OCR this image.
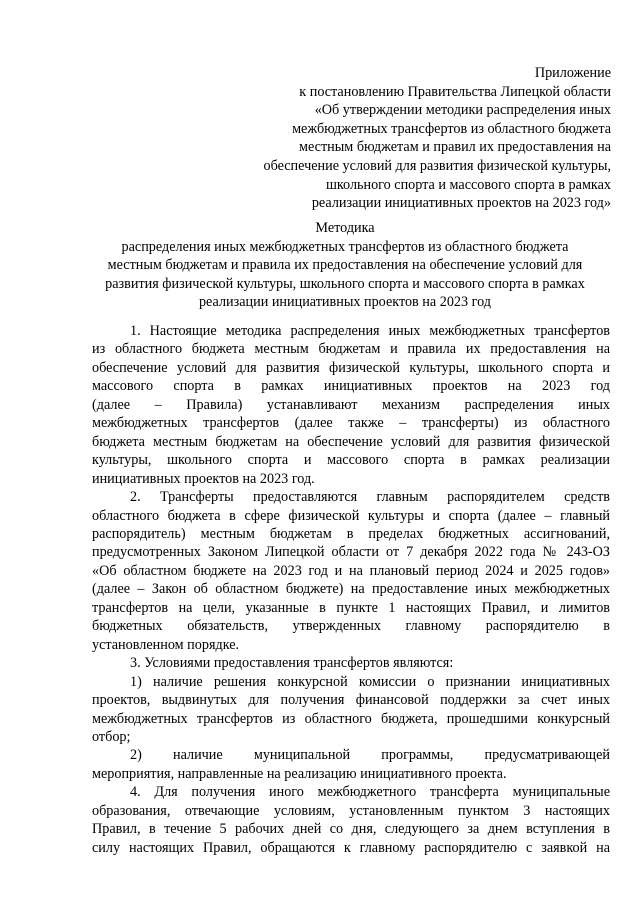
Приложение
к постановлению Правительства Липецкой области
«Об утверждении методики распределения иных
межбюджетных трансфертов из областного бюджета
местным бюджетам и правил их предоставления на
обеспечение условий для развития физической культуры,
школьного спорта и массового спорта в рамках
реализации инициативных проектов на 2023 год»
Методика
распределения иных межбюджетных трансфертов из областного бюджета
местным бюджетам и правила их предоставления на обеспечение условий для
развития физической культуры, школьного спорта и массового спорта в рамках
реализации инициативных проектов на 2023 год
1. Настоящие методика распределения иных межбюджетных трансфертов
из областного бюджета местным бюджетам и правила их предоставления на
обеспечение условий для развития физической культуры, школьного спорта и
массового спорта в рамках инициативных проектов на 2023 год
(далее – Правила) устанавливают механизм распределения иных
межбюджетных трансфертов (далее также – трансферты) из областного
бюджета местным бюджетам на обеспечение условий для развития физической
культуры, школьного спорта и массового спорта в рамках реализации
инициативных проектов на 2023 год.
2. Трансферты предоставляются главным распорядителем средств
областного бюджета в сфере физической культуры и спорта (далее – главный
распорядитель) местным бюджетам в пределах бюджетных ассигнований,
предусмотренных Законом Липецкой области от 7 декабря 2022 года № 243-ОЗ
«Об областном бюджете на 2023 год и на плановый период 2024 и 2025 годов»
(далее – Закон об областном бюджете) на предоставление иных межбюджетных
трансфертов на цели, указанные в пункте 1 настоящих Правил, и лимитов
бюджетных обязательств, утвержденных главному распорядителю в
установленном порядке.
3. Условиями предоставления трансфертов являются:
1) наличие решения конкурсной комиссии о признании инициативных
проектов, выдвинутых для получения финансовой поддержки за счет иных
межбюджетных трансфертов из областного бюджета, прошедшими конкурсный
отбор;
2) наличие муниципальной программы, предусматривающей
мероприятия, направленные на реализацию инициативного проекта.
4. Для получения иного межбюджетного трансферта муниципальные
образования, отвечающие условиям, установленным пунктом 3 настоящих
Правил, в течение 5 рабочих дней со дня, следующего за днем вступления в
силу настоящих Правил, обращаются к главному распорядителю с заявкой на
